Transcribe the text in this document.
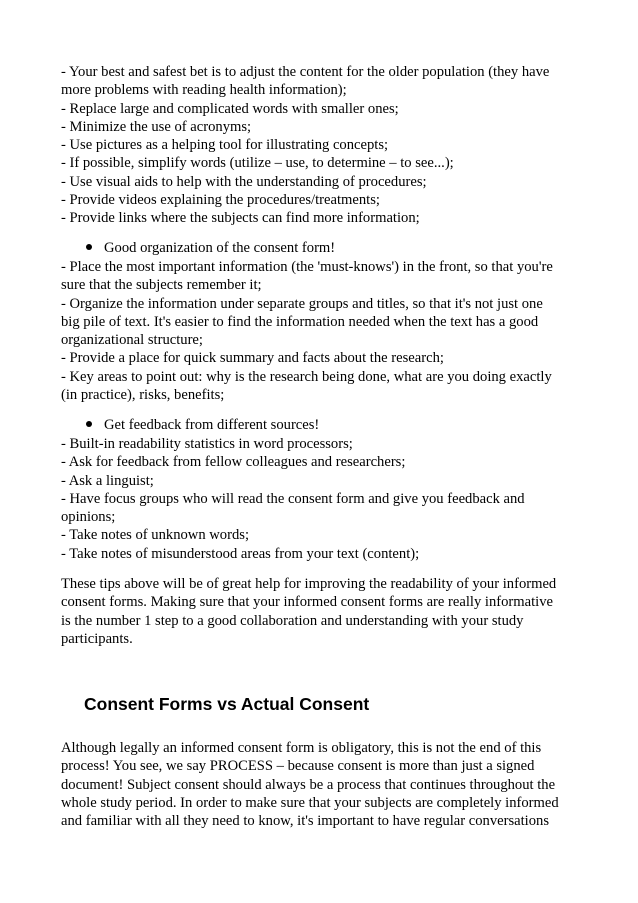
- Your best and safest bet is to adjust the content for the older population (they have
more problems with reading health information);
- Replace large and complicated words with smaller ones;
- Minimize the use of acronyms;
- Use pictures as a helping tool for illustrating concepts;
- If possible, simplify words (utilize – use, to determine – to see...);
- Use visual aids to help with the understanding of procedures;
- Provide videos explaining the procedures/treatments;
- Provide links where the subjects can find more information;
Good organization of the consent form!
- Place the most important information (the 'must-knows') in the front, so that you're
sure that the subjects remember it;
- Organize the information under separate groups and titles, so that it's not just one
big pile of text. It's easier to find the information needed when the text has a good
organizational structure;
- Provide a place for quick summary and facts about the research;
- Key areas to point out: why is the research being done, what are you doing exactly
(in practice), risks, benefits;
Get feedback from different sources!
- Built-in readability statistics in word processors;
- Ask for feedback from fellow colleagues and researchers;
- Ask a linguist;
- Have focus groups who will read the consent form and give you feedback and
opinions;
- Take notes of unknown words;
- Take notes of misunderstood areas from your text (content);
These tips above will be of great help for improving the readability of your informed
consent forms. Making sure that your informed consent forms are really informative
is the number 1 step to a good collaboration and understanding with your study
participants.
Consent Forms vs Actual Consent
Although legally an informed consent form is obligatory, this is not the end of this
process! You see, we say PROCESS – because consent is more than just a signed
document! Subject consent should always be a process that continues throughout the
whole study period. In order to make sure that your subjects are completely informed
and familiar with all they need to know, it's important to have regular conversations
